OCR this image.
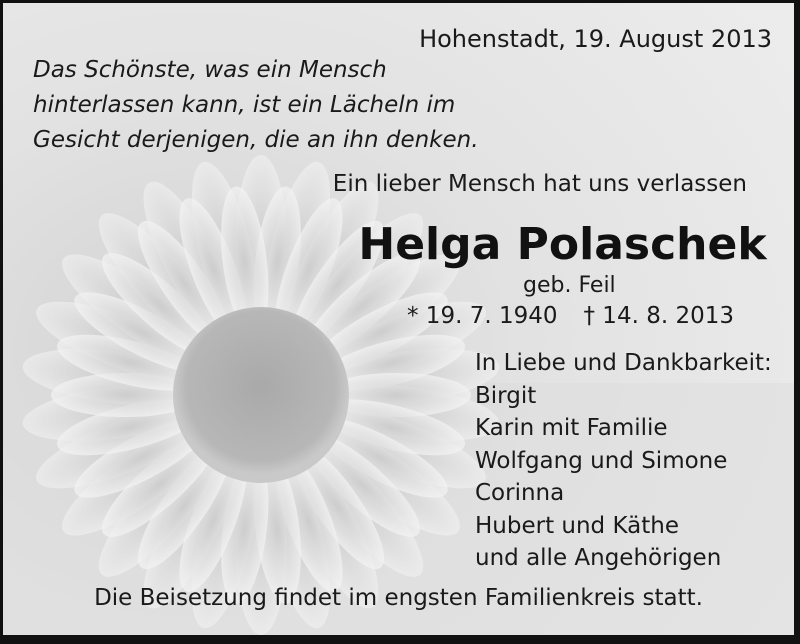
Hohenstadt, 19. August 2013

Das Schönste, was ein Mensch
hinterlassen kann, ist ein Lächeln im
Gesicht derjenigen, die an ihn denken.

Ein lieber Mensch hat uns verlassen

Helga Polaschek

geb. Feil

* 19. 7. 1940 † 14. 8. 2013

In Liebe und Dankbarkeit:
Birgit
Karin mit Familie
Wolfgang und Simone
Corinna
Hubert und Käthe
und alle Angehörigen

Die Beisetzung findet im engsten Familienkreis statt.
